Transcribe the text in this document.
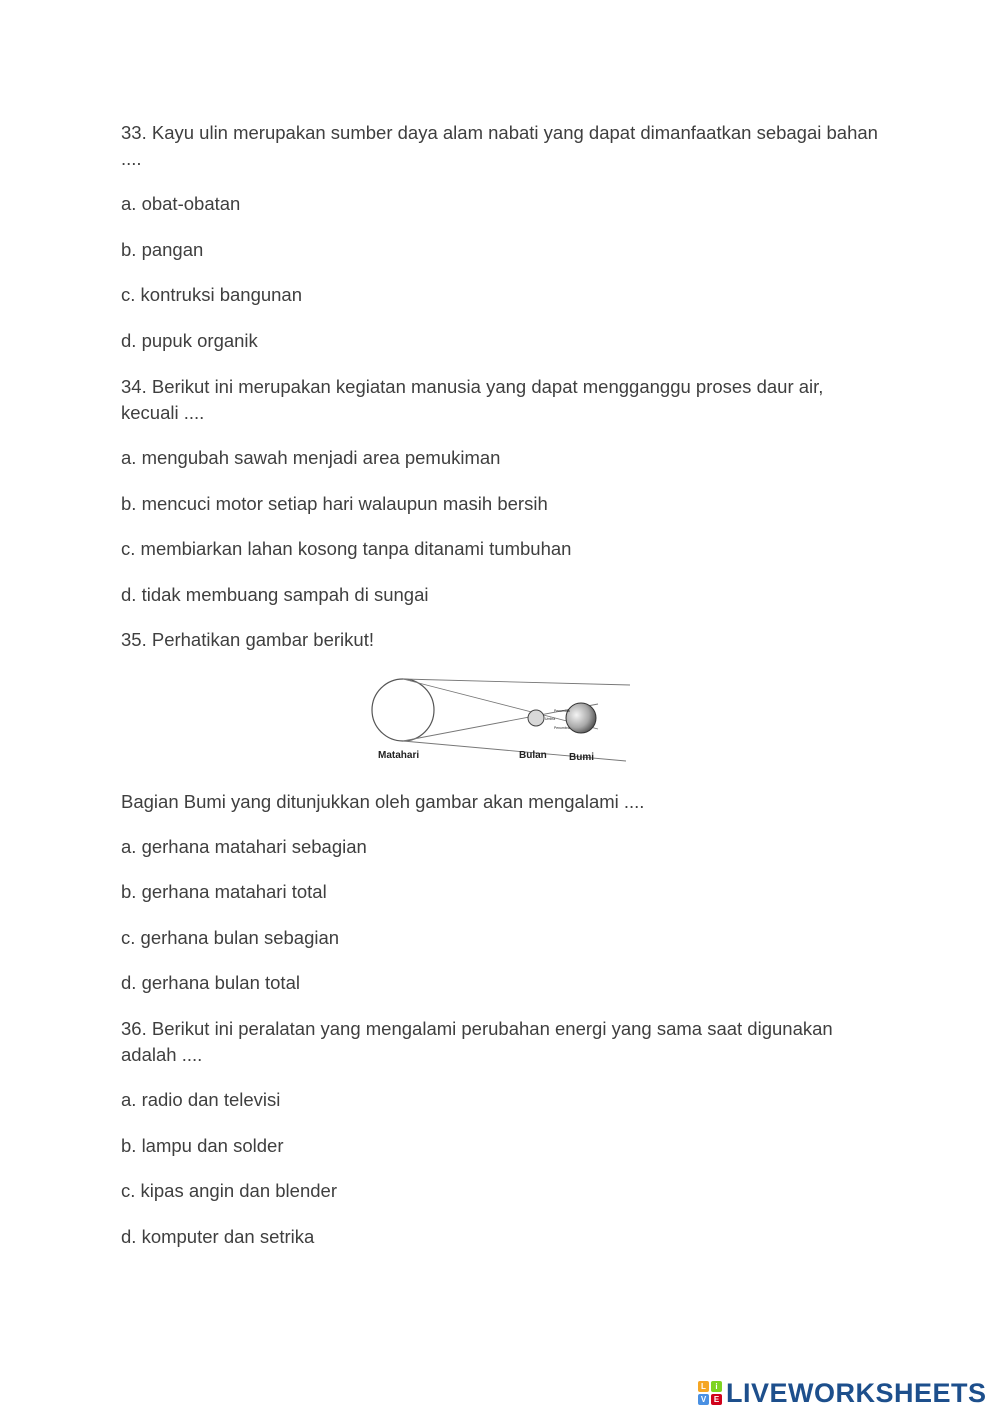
33. Kayu ulin merupakan sumber daya alam nabati yang dapat dimanfaatkan sebagai bahan ....

a. obat-obatan

b. pangan

c. kontruksi bangunan

d. pupuk organik

34. Berikut ini merupakan kegiatan manusia yang dapat mengganggu proses daur air, kecuali ....

a. mengubah sawah menjadi area pemukiman

b. mencuci motor setiap hari walaupun masih bersih

c. membiarkan lahan kosong tanpa ditanami tumbuhan

d. tidak membuang sampah di sungai

35. Perhatikan gambar berikut!

Penumbra
Umbra
Penumbra
Matahari	Bulan Bumi

Bagian Bumi yang ditunjukkan oleh gambar akan mengalami ....

a. gerhana matahari sebagian

b. gerhana matahari total

c. gerhana bulan sebagian

d. gerhana bulan total

36. Berikut ini peralatan yang mengalami perubahan energi yang sama saat digunakan adalah ....

a. radio dan televisi

b. lampu dan solder

c. kipas angin dan blender

d. komputer dan setrika

L	i
V E LIVEWORKSHEETS
